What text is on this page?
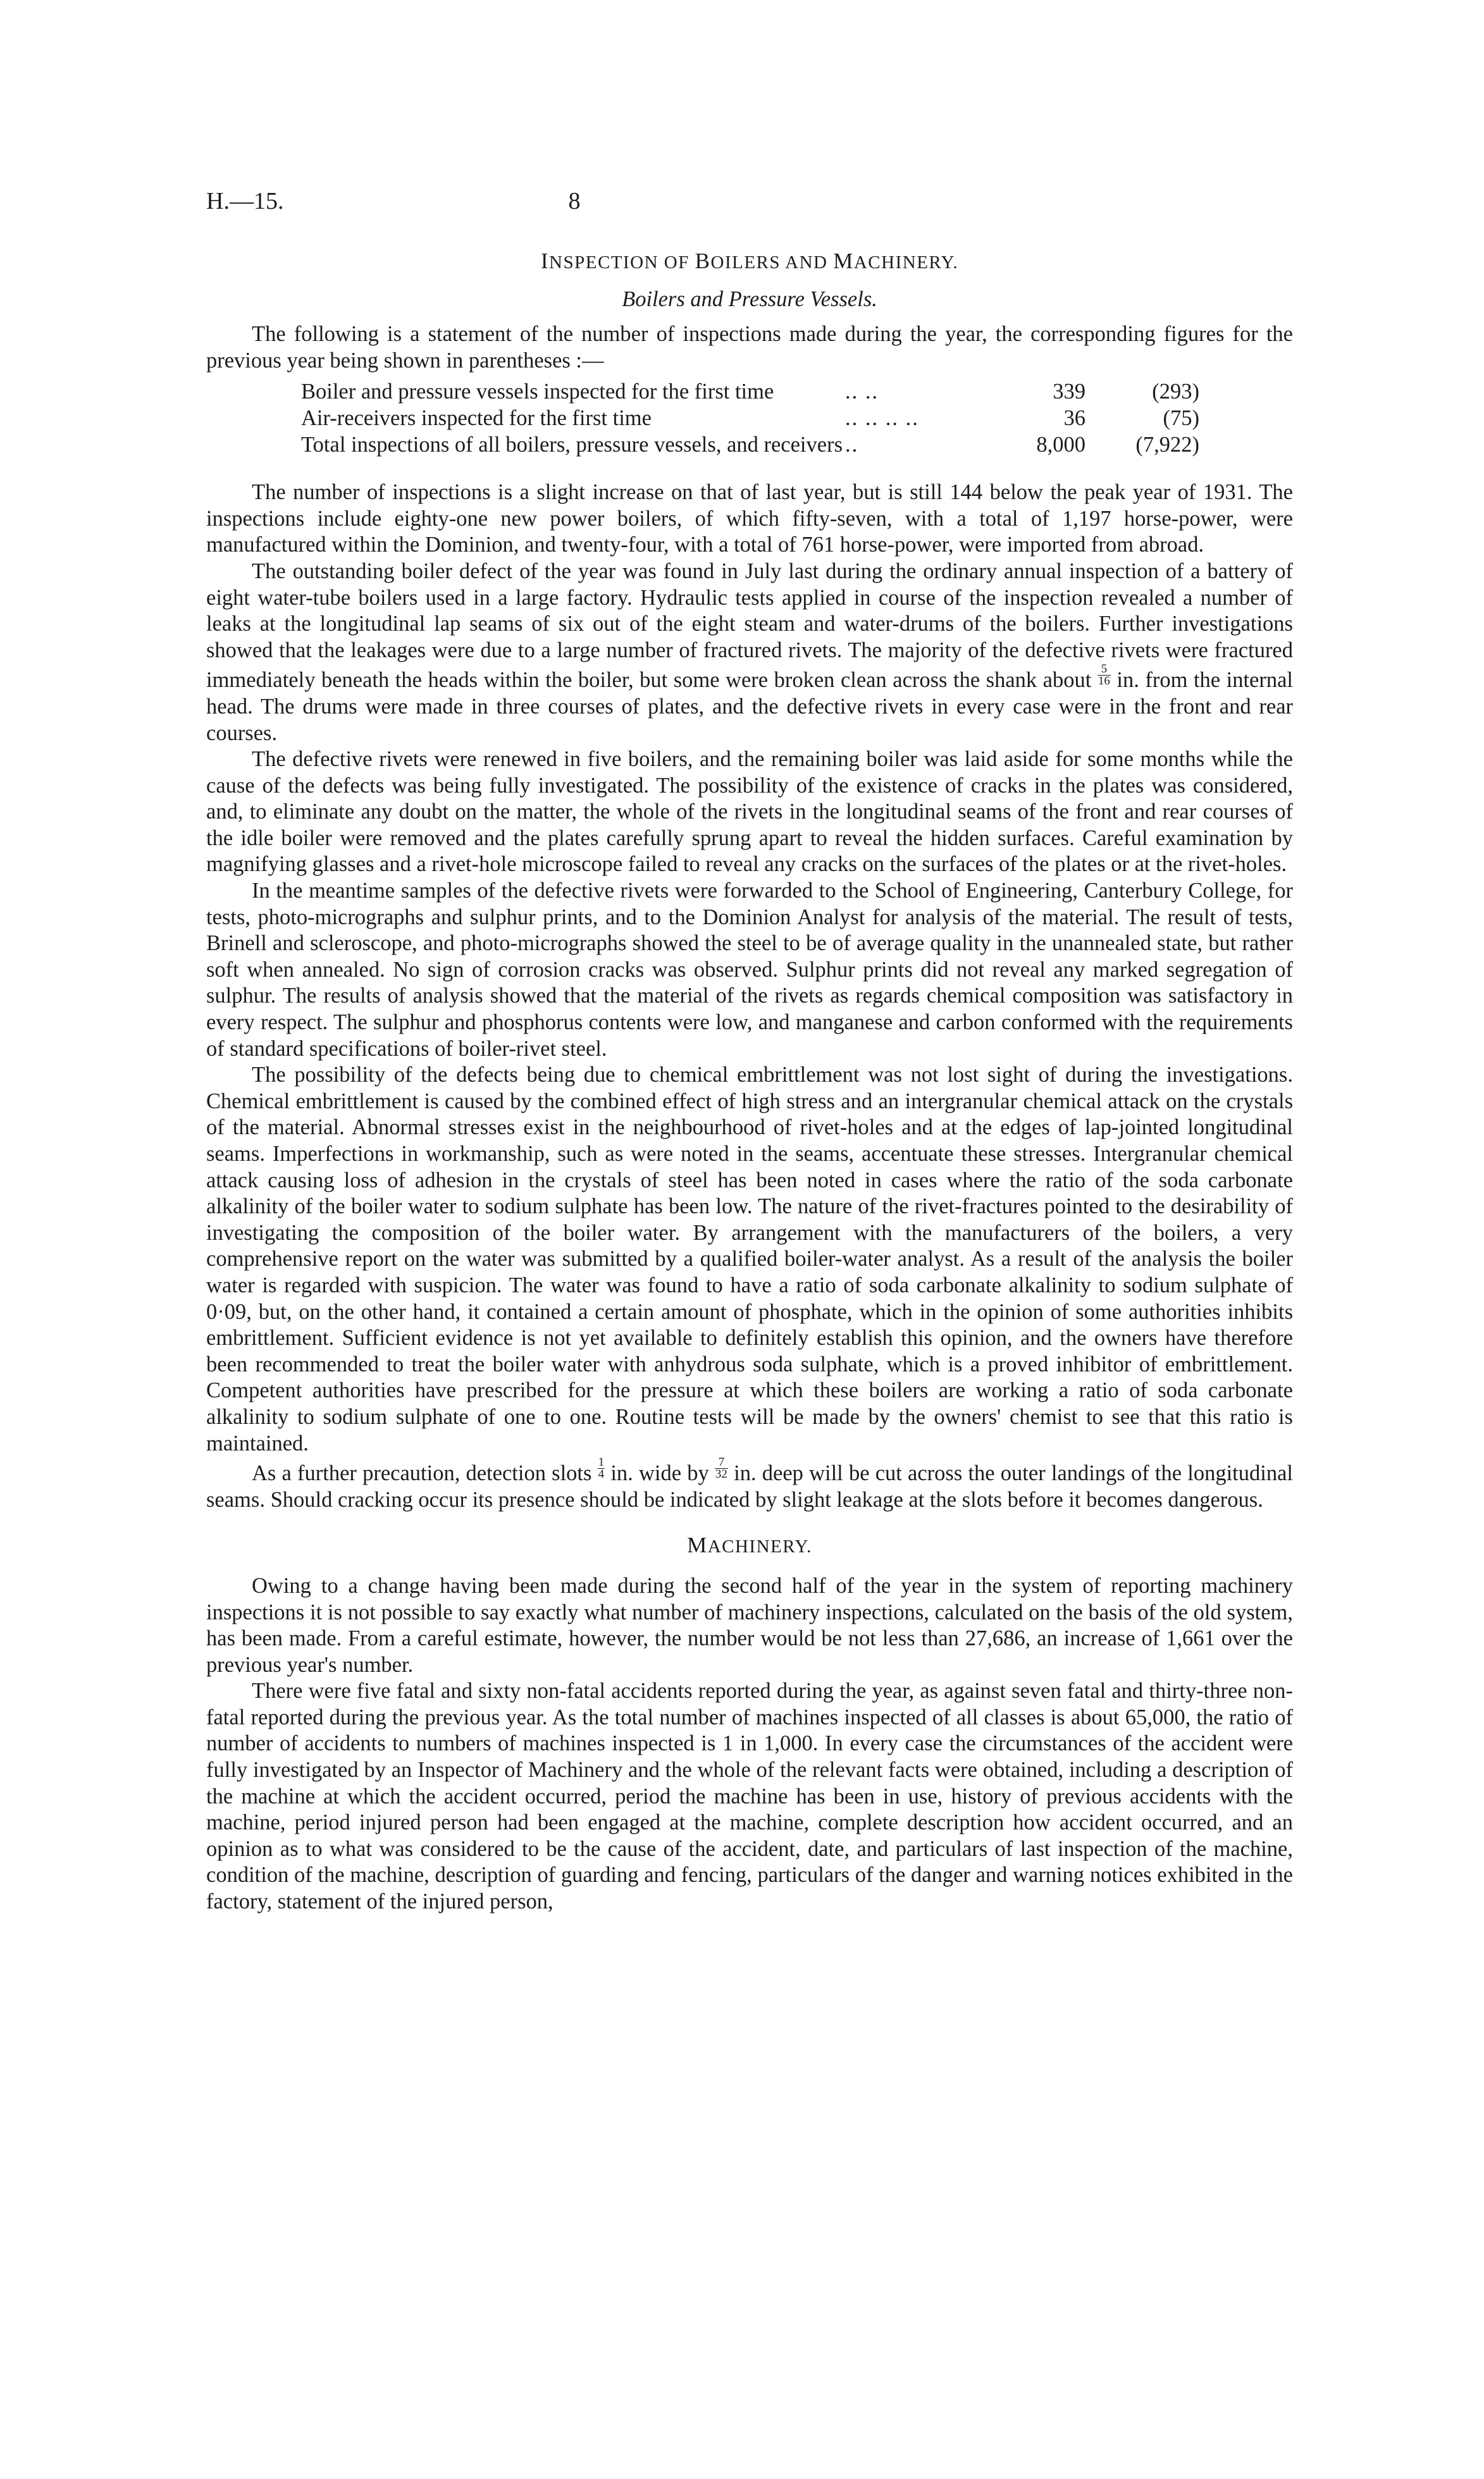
H.—15.	8
INSPECTION OF BOILERS AND MACHINERY.
Boilers and Pressure Vessels.

The following is a statement of the number of inspections made during the year, the corresponding figures for the previous year being shown in parentheses :—

Boiler and pressure vessels inspected for the first time	.. ..	339	(293)
Air-receivers inspected for the first time	.. .. .. ..	36	(75)
Total inspections of all boilers, pressure vessels, and receivers ..	8,000	(7,922)

The number of inspections is a slight increase on that of last year, but is still 144 below the peak year of 1931. The inspections include eighty-one new power boilers, of which fifty-seven, with a total of 1,197 horse-power, were manufactured within the Dominion, and twenty-four, with a total of 761 horse-power, were imported from abroad.

The outstanding boiler defect of the year was found in July last during the ordinary annual inspection of a battery of eight water-tube boilers used in a large factory. Hydraulic tests applied in course of the inspection revealed a number of leaks at the longitudinal lap seams of six out of the eight steam and water-drums of the boilers. Further investigations showed that the leakages were due to a large number of fractured rivets. The majority of the defective rivets were fractured immediately beneath the heads within the boiler, but some were broken clean across the shank about $\frac{5}{16}$ in. from the internal head. The drums were made in three courses of plates, and the defective rivets in every case were in the front and rear courses.

The defective rivets were renewed in five boilers, and the remaining boiler was laid aside for some months while the cause of the defects was being fully investigated. The possibility of the existence of cracks in the plates was considered, and, to eliminate any doubt on the matter, the whole of the rivets in the longitudinal seams of the front and rear courses of the idle boiler were removed and the plates carefully sprung apart to reveal the hidden surfaces. Careful examination by magnifying glasses and a rivet-hole microscope failed to reveal any cracks on the surfaces of the plates or at the rivet-holes.

In the meantime samples of the defective rivets were forwarded to the School of Engineering, Canterbury College, for tests, photo-micrographs and sulphur prints, and to the Dominion Analyst for analysis of the material. The result of tests, Brinell and scleroscope, and photo-micrographs showed the steel to be of average quality in the unannealed state, but rather soft when annealed. No sign of corrosion cracks was observed. Sulphur prints did not reveal any marked segregation of sulphur. The results of analysis showed that the material of the rivets as regards chemical composition was satisfactory in every respect. The sulphur and phosphorus contents were low, and manganese and carbon conformed with the requirements of standard specifications of boiler-rivet steel.

The possibility of the defects being due to chemical embrittlement was not lost sight of during the investigations. Chemical embrittlement is caused by the combined effect of high stress and an intergranular chemical attack on the crystals of the material. Abnormal stresses exist in the neighbourhood of rivet-holes and at the edges of lap-jointed longitudinal seams. Imperfections in workmanship, such as were noted in the seams, accentuate these stresses. Intergranular chemical attack causing loss of adhesion in the crystals of steel has been noted in cases where the ratio of the soda carbonate alkalinity of the boiler water to sodium sulphate has been low. The nature of the rivet-fractures pointed to the desirability of investigating the composition of the boiler water. By arrangement with the manufacturers of the boilers, a very comprehensive report on the water was submitted by a qualified boiler-water analyst. As a result of the analysis the boiler water is regarded with suspicion. The water was found to have a ratio of soda carbonate alkalinity to sodium sulphate of 0·09, but, on the other hand, it contained a certain amount of phosphate, which in the opinion of some authorities inhibits embrittlement. Sufficient evidence is not yet available to definitely establish this opinion, and the owners have therefore been recommended to treat the boiler water with anhydrous soda sulphate, which is a proved inhibitor of embrittlement. Competent authorities have prescribed for the pressure at which these boilers are working a ratio of soda carbonate alkalinity to sodium sulphate of one to one. Routine tests will be made by the owners' chemist to see that this ratio is maintained.

As a further precaution, detection slots $\frac{1}{4}$ in. wide by $\frac{7}{32}$ in. deep will be cut across the outer landings of the longitudinal seams. Should cracking occur its presence should be indicated by slight leakage at the slots before it becomes dangerous.

MACHINERY.

Owing to a change having been made during the second half of the year in the system of reporting machinery inspections it is not possible to say exactly what number of machinery inspections, calculated on the basis of the old system, has been made. From a careful estimate, however, the number would be not less than 27,686, an increase of 1,661 over the previous year's number.

There were five fatal and sixty non-fatal accidents reported during the year, as against seven fatal and thirty-three non-fatal reported during the previous year. As the total number of machines inspected of all classes is about 65,000, the ratio of number of accidents to numbers of machines inspected is 1 in 1,000. In every case the circumstances of the accident were fully investigated by an Inspector of Machinery and the whole of the relevant facts were obtained, including a description of the machine at which the accident occurred, period the machine has been in use, history of previous accidents with the machine, period injured person had been engaged at the machine, complete description how accident occurred, and an opinion as to what was considered to be the cause of the accident, date, and particulars of last inspection of the machine, condition of the machine, description of guarding and fencing, particulars of the danger and warning notices exhibited in the factory, statement of the injured person,
